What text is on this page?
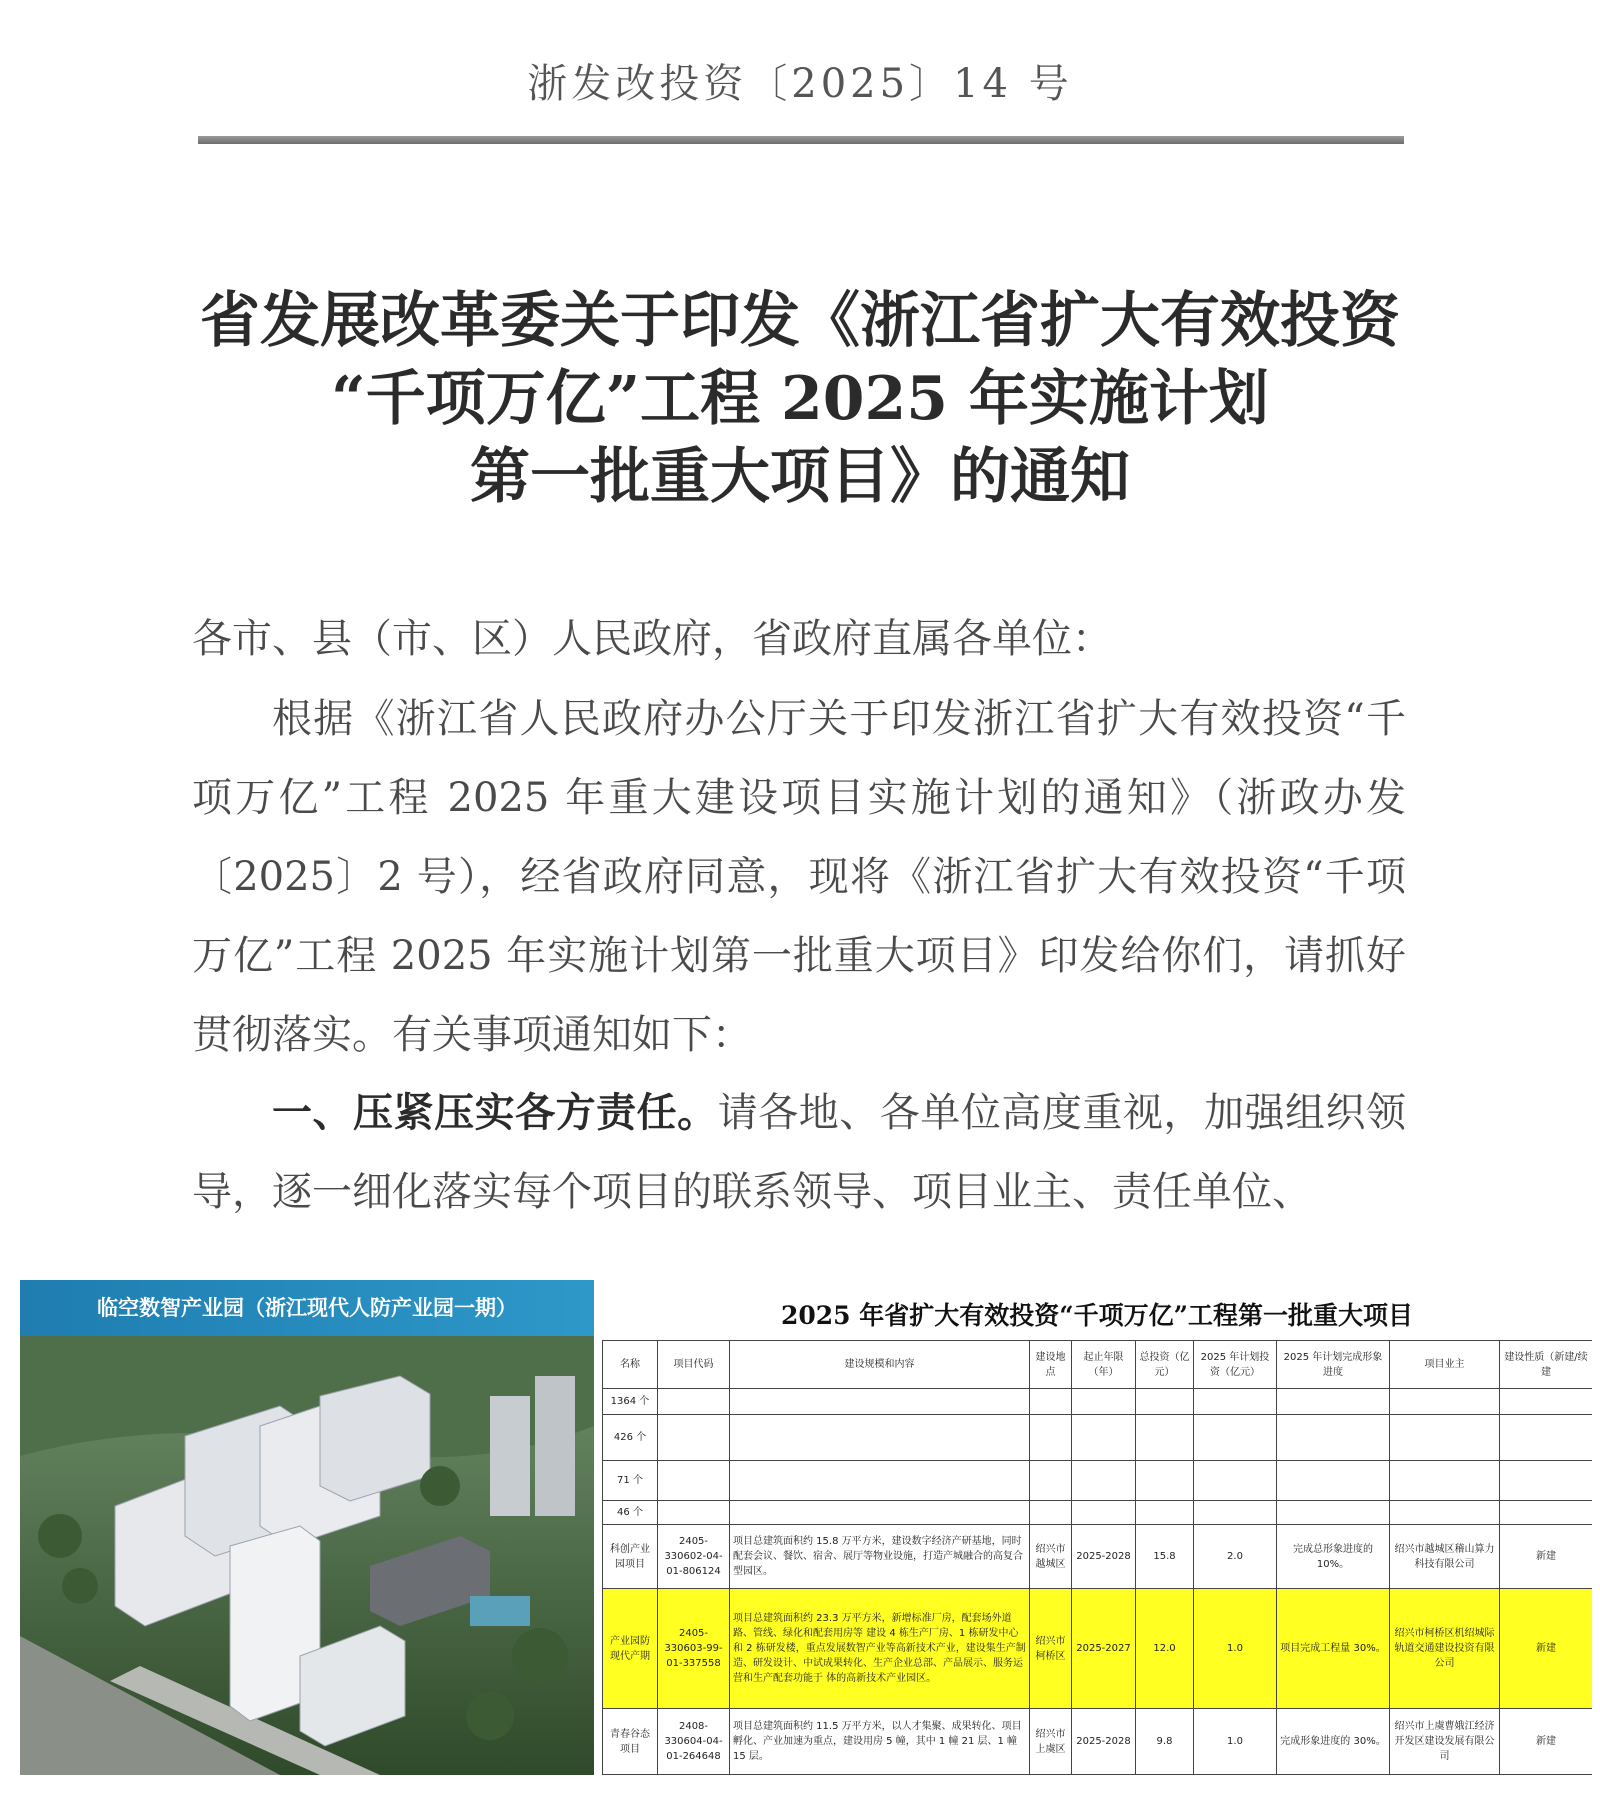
浙发改投资〔2025〕14 号
省发展改革委关于印发《浙江省扩大有效投资
“千项万亿”工程 2025 年实施计划
第一批重大项目》的通知
各市、县（市、区）人民政府，省政府直属各单位：
根据《浙江省人民政府办公厅关于印发浙江省扩大有效投资“千项万亿”工程 2025 年重大建设项目实施计划的通知》（浙政办发〔2025〕2 号），经省政府同意，现将《浙江省扩大有效投资“千项万亿”工程 2025 年实施计划第一批重大项目》印发给你们，请抓好贯彻落实。有关事项通知如下：
一、压紧压实各方责任。请各地、各单位高度重视，加强组织领导，逐一细化落实每个项目的联系领导、项目业主、责任单位、
临空数智产业园（浙江现代人防产业园一期）	2025 年省扩大有效投资“千项万亿”工程第一批重大项目
名称	项目代码	建设规模和内容	建设地点	起止年限（年）	总投资（亿元）	2025 年计划投资（亿元）	2025 年计划完成形象进度	项目业主	建设性质（新建/续建
1364 个									
426 个									
71 个									
46 个									
科创产业园项目	2405-330602-04-01-806124	项目总建筑面积约 15.8 万平方米，建设数字经济产研基地，同时配套会议、餐饮、宿舍、展厅等物业设施，打造产城融合的高复合型园区。	绍兴市越城区	2025-2028	15.8	2.0	完成总形象进度的 10%。	绍兴市越城区稽山算力科技有限公司	新建
产业园防现代产期	2405-330603-99-01-337558	项目总建筑面积约 23.3 万平方米，新增标准厂房，配套场外道路、管线、绿化和配套用房等 建设 4 栋生产厂房、1 栋研发中心和 2 栋研发楼，重点发展数智产业等高新技术产业，建设集生产制造、研发设计、中试成果转化、生产企业总部、产品展示、服务运营和生产配套功能于 体的高新技术产业园区。	绍兴市柯桥区	2025-2027	12.0	1.0	项目完成工程量 30%。	绍兴市柯桥区机绍城际轨道交通建设投资有限公司	新建
青春谷态项目	2408-330604-04-01-264648	项目总建筑面积约 11.5 万平方米，以人才集聚、成果转化、项目孵化、产业加速为重点，建设用房 5 幢，其中 1 幢 21 层、1 幢 15 层。	绍兴市上虞区	2025-2028	9.8	1.0	完成形象进度的 30%。	绍兴市上虞曹娥江经济开发区建设发展有限公司	新建
